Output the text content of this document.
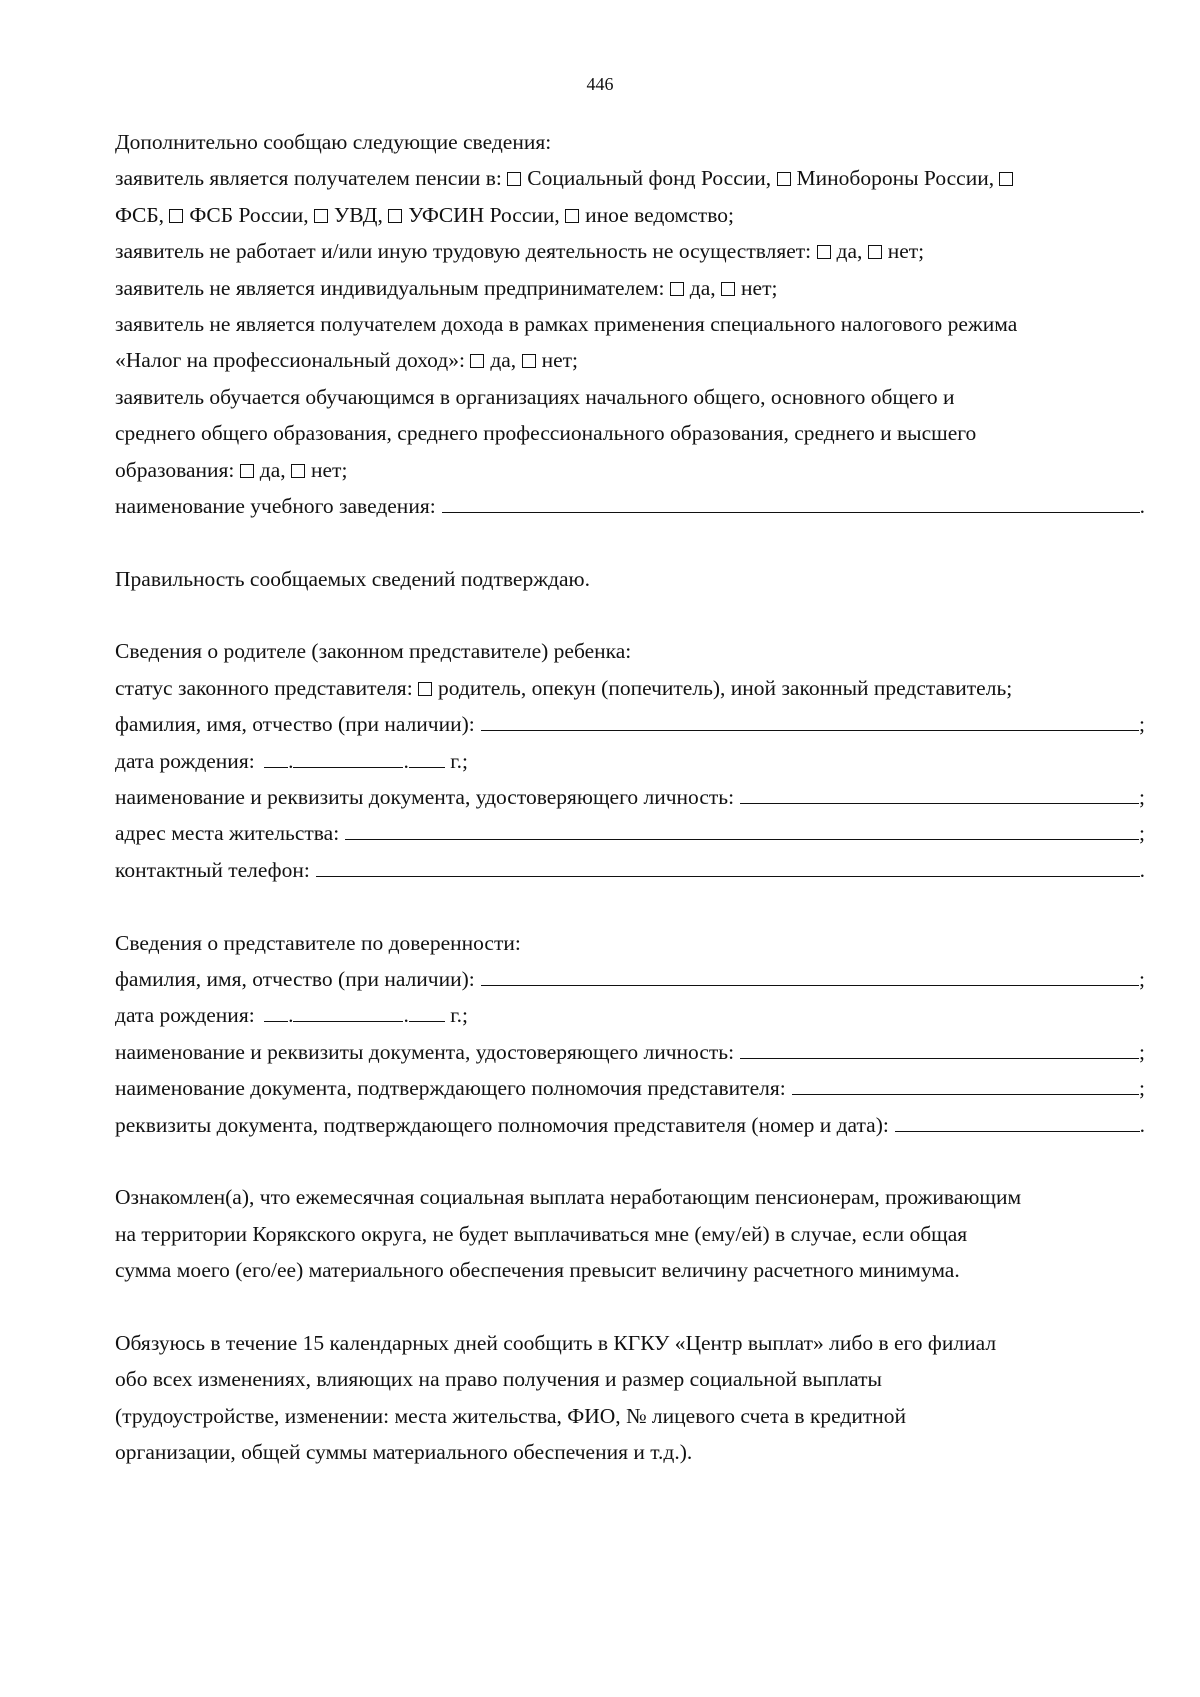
446
Дополнительно сообщаю следующие сведения:
заявитель является получателем пенсии в: Социальный фонд России, Минобороны России,
ФСБ, ФСБ России, УВД, УФСИН России, иное ведомство;
заявитель не работает и/или иную трудовую деятельность не осуществляет: да, нет;
заявитель не является индивидуальным предпринимателем: да, нет;
заявитель не является получателем дохода в рамках применения специального налогового режима
«Налог на профессиональный доход»: да, нет;
заявитель обучается обучающимся в организациях начального общего, основного общего и
среднего общего образования, среднего профессионального образования, среднего и высшего
образования: да, нет;
наименование учебного заведения:	.
Правильность сообщаемых сведений подтверждаю.
Сведения о родителе (законном представителе) ребенка:
статус законного представителя: родитель, опекун (попечитель), иной законный представитель;
фамилия, имя, отчество (при наличии):	;
дата рождения: .	. г.;
наименование и реквизиты документа, удостоверяющего личность:	;
адрес места жительства:	;
контактный телефон:	.
Сведения о представителе по доверенности:
фамилия, имя, отчество (при наличии):	;
дата рождения: .	. г.;
наименование и реквизиты документа, удостоверяющего личность:	;
наименование документа, подтверждающего полномочия представителя:	;
реквизиты документа, подтверждающего полномочия представителя (номер и дата):	.
Ознакомлен(а), что ежемесячная социальная выплата неработающим пенсионерам, проживающим
на территории Корякского округа, не будет выплачиваться мне (ему/ей) в случае, если общая
сумма моего (его/ее) материального обеспечения превысит величину расчетного минимума.
Обязуюсь в течение 15 календарных дней сообщить в КГКУ «Центр выплат» либо в его филиал
обо всех изменениях, влияющих на право получения и размер социальной выплаты
(трудоустройстве, изменении: места жительства, ФИО, № лицевого счета в кредитной
организации, общей суммы материального обеспечения и т.д.).
